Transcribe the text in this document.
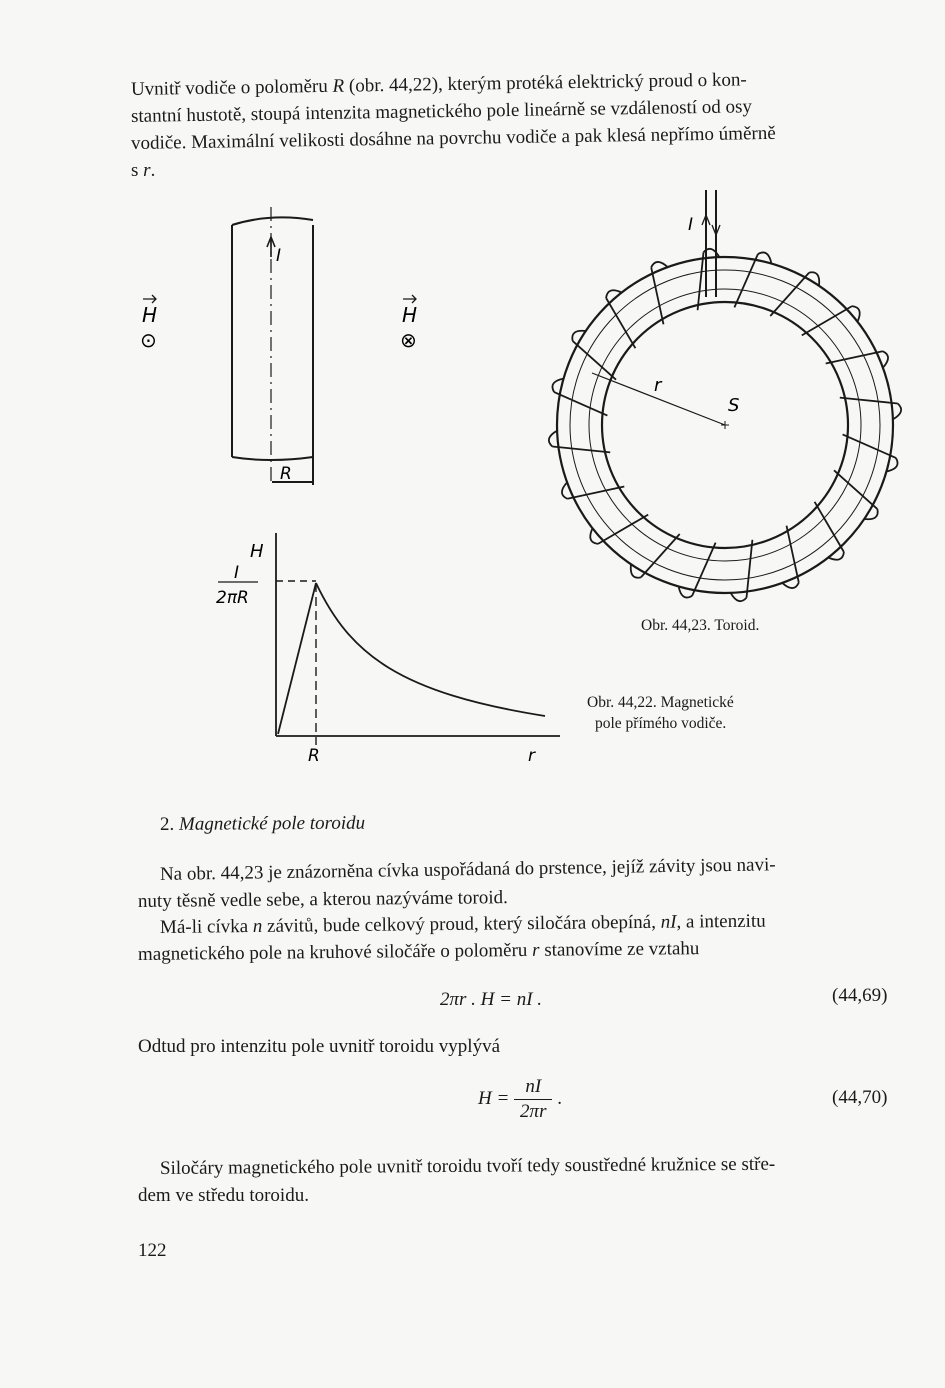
Uvnitř vodiče o poloměru R (obr. 44,22), kterým protéká elektrický proud o kon-

stantní hustotě, stoupá intenzita magnetického pole lineárně se vzdáleností od osy

vodiče. Maximální velikosti dosáhne na povrchu vodiče a pak klesá nepřímo úměrně

s r.

I
R
H	H
⊙	⊗
H
I
2πR
R	r
I
r
S
Obr. 44,23. Toroid.
Obr. 44,22. Magnetické
pole přímého vodiče.
2. Magnetické pole toroidu

Na obr. 44,23 je znázorněna cívka uspořádaná do prstence, jejíž závity jsou navi-

nuty těsně vedle sebe, a kterou nazýváme toroid.

Má-li cívka n závitů, bude celkový proud, který siločára obepíná, nI, a intenzitu

magnetického pole na kruhové siločáře o poloměru r stanovíme ze vztahu

2πr . H = nI .	(44,69)

Odtud pro intenzitu pole uvnitř toroidu vyplývá

$H = \frac{nI}{2\pi r}$ .	(44,70)

Siločáry magnetického pole uvnitř toroidu tvoří tedy soustředné kružnice se stře-

dem ve středu toroidu.

122
